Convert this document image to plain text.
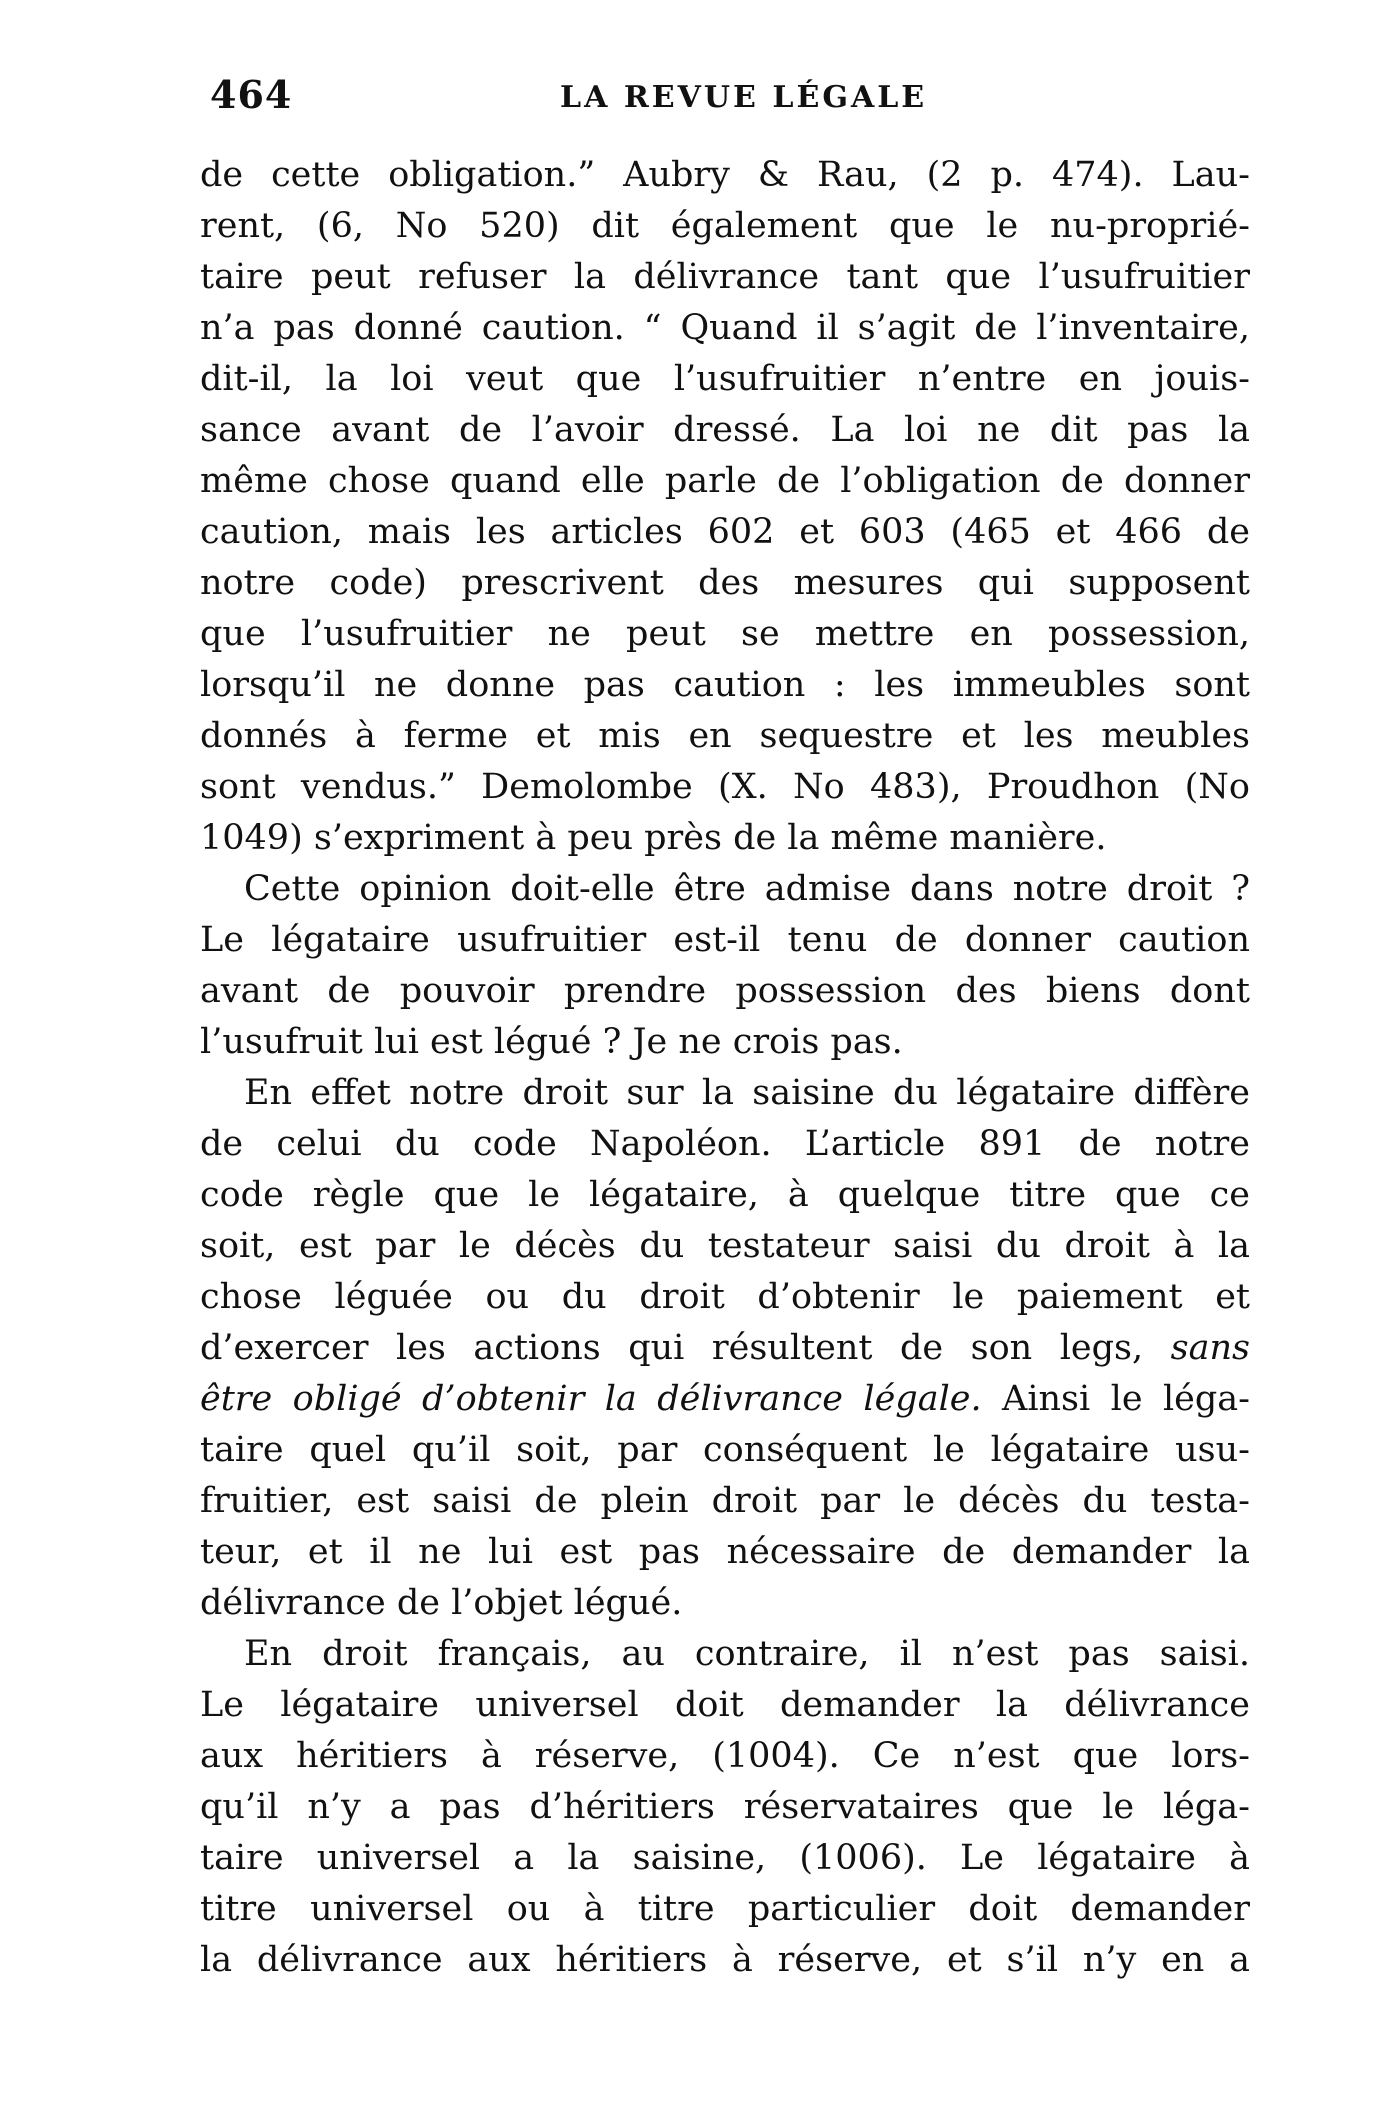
464	LA REVUE LÉGALE
de cette obligation.” Aubry & Rau, (2 p. 474). Lau-
rent, (6, No 520) dit également que le nu-proprié-
taire peut refuser la délivrance tant que l’usufruitier
n’a pas donné caution. “ Quand il s’agit de l’inventaire,
dit-il, la loi veut que l’usufruitier n’entre en jouis-
sance avant de l’avoir dressé. La loi ne dit pas la
même chose quand elle parle de l’obligation de donner
caution, mais les articles 602 et 603 (465 et 466 de
notre code) prescrivent des mesures qui supposent
que l’usufruitier ne peut se mettre en possession,
lorsqu’il ne donne pas caution : les immeubles sont
donnés à ferme et mis en sequestre et les meubles
sont vendus.” Demolombe (X. No 483), Proudhon (No
1049) s’expriment à peu près de la même manière.
Cette opinion doit-elle être admise dans notre droit ?
Le légataire usufruitier est-il tenu de donner caution
avant de pouvoir prendre possession des biens dont
l’usufruit lui est légué ? Je ne crois pas.
En effet notre droit sur la saisine du légataire diffère
de celui du code Napoléon. L’article 891 de notre
code règle que le légataire, à quelque titre que ce
soit, est par le décès du testateur saisi du droit à la
chose léguée ou du droit d’obtenir le paiement et
d’exercer les actions qui résultent de son legs, sans
être obligé d’obtenir la délivrance légale. Ainsi le léga-
taire quel qu’il soit, par conséquent le légataire usu-
fruitier, est saisi de plein droit par le décès du testa-
teur, et il ne lui est pas nécessaire de demander la
délivrance de l’objet légué.
En droit français, au contraire, il n’est pas saisi.
Le légataire universel doit demander la délivrance
aux héritiers à réserve, (1004). Ce n’est que lors-
qu’il n’y a pas d’héritiers réservataires que le léga-
taire universel a la saisine, (1006). Le légataire à
titre universel ou à titre particulier doit demander
la délivrance aux héritiers à réserve, et s’il n’y en a
